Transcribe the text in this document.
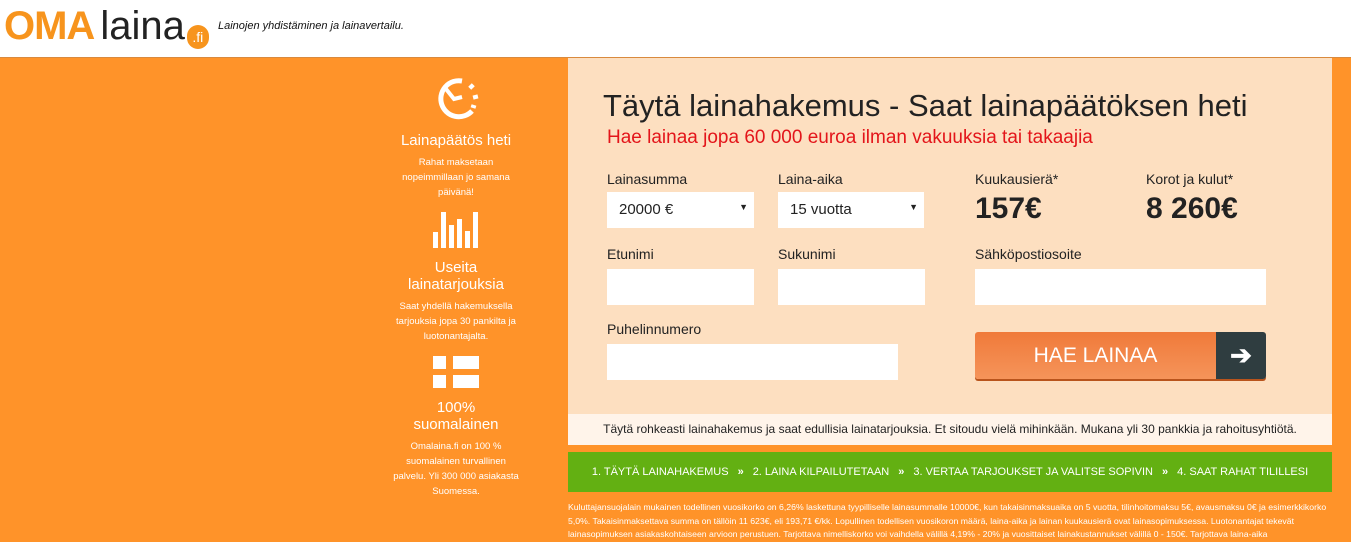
OMA laina .fi
Lainojen yhdistäminen ja lainavertailu.
Lainapäätös heti

Rahat maksetaan nopeimmillaan jo samana päivänä!

Useita lainatarjouksia

Saat yhdellä hakemuksella tarjouksia jopa 30 pankilta ja luotonantajalta.

100% suomalainen

Omalaina.fi on 100 % suomalainen turvallinen palvelu. Yli 300 000 asiakasta Suomessa.

Täytä lainahakemus - Saat lainapäätöksen heti
Hae lainaa jopa 60 000 euroa ilman vakuuksia tai takaajia
Lainasumma
20000 €	▼
Laina-aika
15 vuotta	▼
Kuukausierä*
157€
Korot ja kulut*
8 260€
Etunimi	Sukunimi	Sähköpostiosoite
Puhelinnumero
HAE LAINAA	➔
Täytä rohkeasti lainahakemus ja saat edullisia lainatarjouksia. Et sitoudu vielä mihinkään. Mukana yli 30 pankkia ja rahoitusyhtiötä.
1. TÄYTÄ LAINAHAKEMUS » 2. LAINA KILPAILUTETAAN » 3. VERTAA TARJOUKSET JA VALITSE SOPIVIN » 4. SAAT RAHAT TILILLESI
Kuluttajansuojalain mukainen todellinen vuosikorko on 6,26% laskettuna tyypilliselle lainasummalle 10000€, kun takaisinmaksuaika on 5 vuotta, tilinhoitomaksu 5€, avausmaksu 0€ ja esimerkkikorko 5,0%. Takaisinmaksettava summa on tällöin 11 623€, eli 193,71 €/kk. Lopullinen todellisen vuosikoron määrä, laina-aika ja lainan kuukausierä ovat lainasopimuksessa. Luotonantajat tekevät lainasopimuksen asiakaskohtaiseen arvioon perustuen. Tarjottava nimelliskorko voi vaihdella välillä 4,19% - 20% ja vuosittaiset lainakustannukset välillä 0 - 150€. Tarjottava laina-aika
